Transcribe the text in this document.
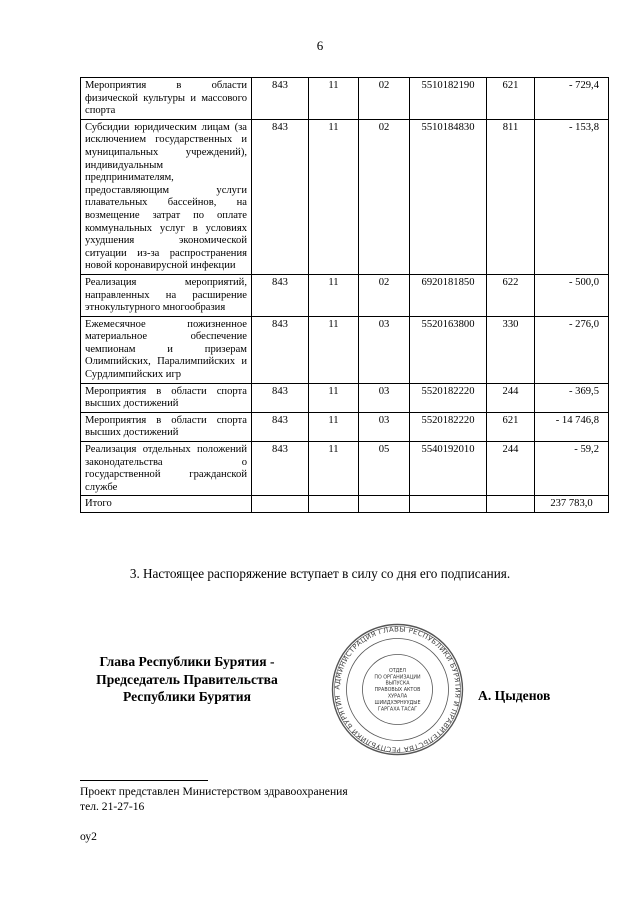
6
Мероприятия в области физической культуры и массового спорта	843	11	02	5510182190	621	- 729,4
Субсидии юридическим лицам (за исключением государственных и муниципальных учреждений), индивидуальным предпринимателям, предоставляющим услуги плавательных бассейнов, на возмещение затрат по оплате коммунальных услуг в условиях ухудшения экономической ситуации из-за распространения новой коронавирусной инфекции	843	11	02	5510184830	811	- 153,8
Реализация мероприятий, направленных на расширение этнокультурного многообразия	843	11	02	6920181850	622	- 500,0
Ежемесячное пожизненное материальное обеспечение чемпионам и призерам Олимпийских, Паралимпийских и Сурдлимпийских игр	843	11	03	5520163800	330	- 276,0
Мероприятия в области спорта высших достижений	843	11	03	5520182220	244	- 369,5
Мероприятия в области спорта высших достижений	843	11	03	5520182220	621	- 14 746,8
Реализация отдельных положений законодательства о государственной гражданской службе	843	11	05	5540192010	244	- 59,2
Итого						237 783,0
3. Настоящее распоряжение вступает в силу со дня его подписания.
Глава Республики Бурятия -
Председатель Правительства
Республики Бурятия
АДМИНИСТРАЦИЯ ГЛАВЫ РЕСПУБЛИКИ БУРЯТИЯ И ПРАВИТЕЛЬСТВА РЕСПУБЛИКИ БУРЯТИЯ
ОТДЕЛ
ПО ОРГАНИЗАЦИИ
ВЫПУСКА
ПРАВОВЫХ АКТОВ
ХУРАЛА
ШИИДХЭРНУУДЫЕ
ГАРГАХА ТАСАГ
А. Цыденов
Проект представлен Министерством здравоохранения
тел. 21-27-16
оу2
